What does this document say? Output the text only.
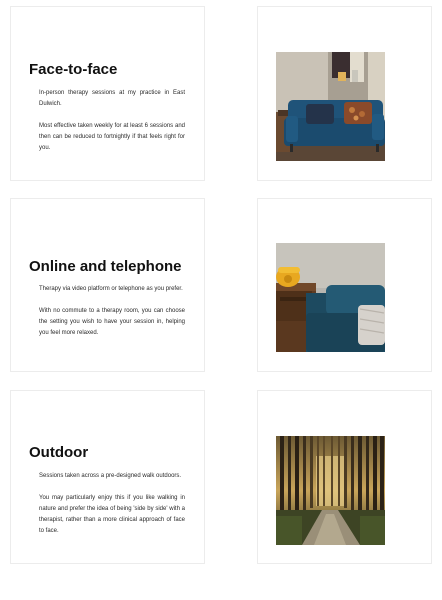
Face-to-face

In-person therapy sessions at my practice in East Dulwich.

Most effective taken weekly for at least 6 sessions and then can be reduced to fortnightly if that feels right for you.

Online and telephone

Therapy via video platform or telephone as you prefer.

With no commute to a therapy room, you can choose the setting you wish to have your session in, helping you feel more relaxed.

Outdoor

Sessions taken across a pre-designed walk outdoors.

You may particularly enjoy this if you like walking in nature and prefer the idea of being 'side by side' with a therapist, rather than a more clinical approach of face to face.
